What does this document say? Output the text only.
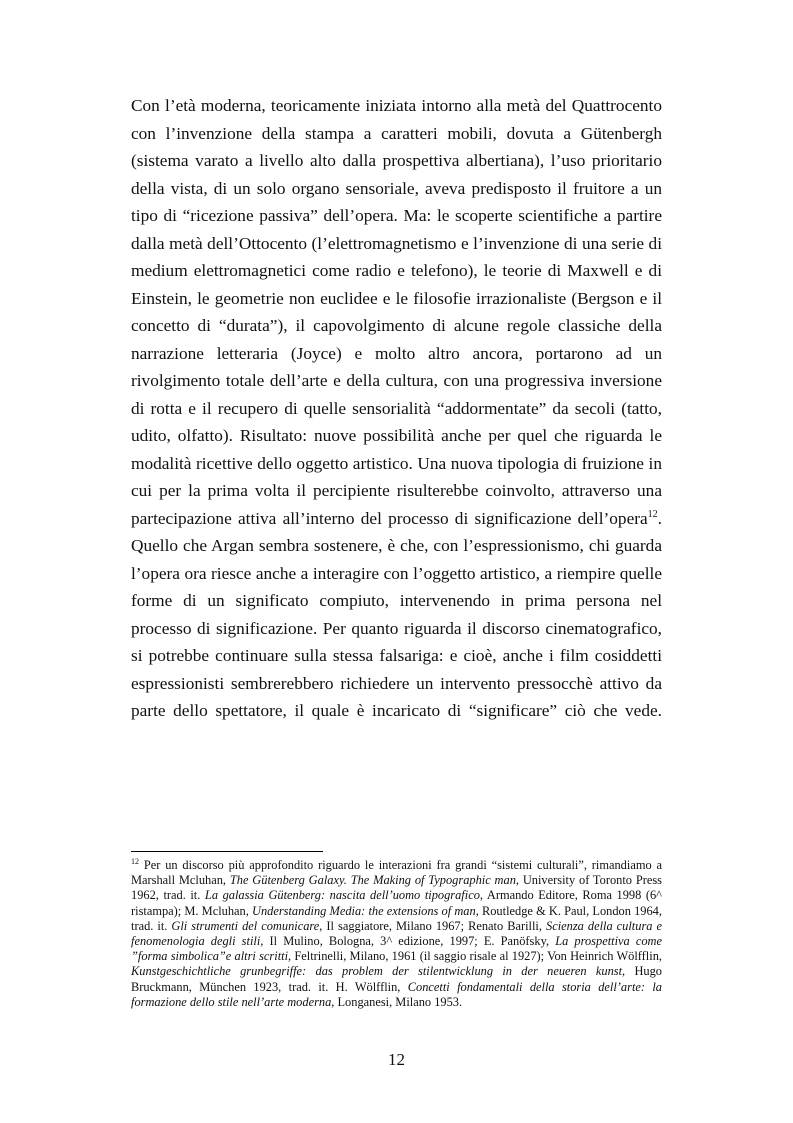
Con l’età moderna, teoricamente iniziata intorno alla metà del Quattrocento con l’invenzione della stampa a caratteri mobili, dovuta a Gütenbergh (sistema varato a livello alto dalla prospettiva albertiana), l’uso prioritario della vista, di un solo organo sensoriale, aveva predisposto il fruitore a un tipo di “ricezione passiva” dell’opera. Ma: le scoperte scientifiche a partire dalla metà dell’Ottocento (l’elettromagnetismo e l’invenzione di una serie di medium elettromagnetici come radio e telefono), le teorie di Maxwell e di Einstein, le geometrie non euclidee e le filosofie irrazionaliste (Bergson e il concetto di “durata”), il capovolgimento di alcune regole classiche della narrazione letteraria (Joyce) e molto altro ancora, portarono ad un rivolgimento totale dell’arte e della cultura, con una progressiva inversione di rotta e il recupero di quelle sensorialità “addormentate” da secoli (tatto, udito, olfatto). Risultato: nuove possibilità anche per quel che riguarda le modalità ricettive dello oggetto artistico. Una nuova tipologia di fruizione in cui per la prima volta il percipiente risulterebbe coinvolto, attraverso una partecipazione attiva all’interno del processo di significazione dell’opera$^{12}$. Quello che Argan sembra sostenere, è che, con l’espressionismo, chi guarda l’opera ora riesce anche a interagire con l’oggetto artistico, a riempire quelle forme di un significato compiuto, intervenendo in prima persona nel processo di significazione. Per quanto riguarda il discorso cinematografico, si potrebbe continuare sulla stessa falsariga: e cioè, anche i film cosiddetti espressionisti sembrerebbero richiedere un intervento pressocchè attivo da parte dello spettatore, il quale è incaricato di “significare” ciò che vede.

$^{12}$ Per un discorso più approfondito riguardo le interazioni fra grandi “sistemi culturali”, rimandiamo a Marshall Mcluhan, The Gütenberg Galaxy. The Making of Typographic man, University of Toronto Press 1962, trad. it. La galassia Gütenberg: nascita dell’uomo tipografico, Armando Editore, Roma 1998 (6^ ristampa); M. Mcluhan, Understanding Media: the extensions of man, Routledge & K. Paul, London 1964, trad. it. Gli strumenti del comunicare, Il saggiatore, Milano 1967; Renato Barilli, Scienza della cultura e fenomenologia degli stili, Il Mulino, Bologna, 3^ edizione, 1997; E. Panöfsky, La prospettiva come ”forma simbolica”e altri scritti, Feltrinelli, Milano, 1961 (il saggio risale al 1927); Von Heinrich Wölfflin, Kunstgeschichtliche grunbegriffe: das problem der stilentwicklung in der neueren kunst, Hugo Bruckmann, München 1923, trad. it. H. Wölfflin, Concetti fondamentali della storia dell’arte: la formazione dello stile nell’arte moderna, Longanesi, Milano 1953.

12
